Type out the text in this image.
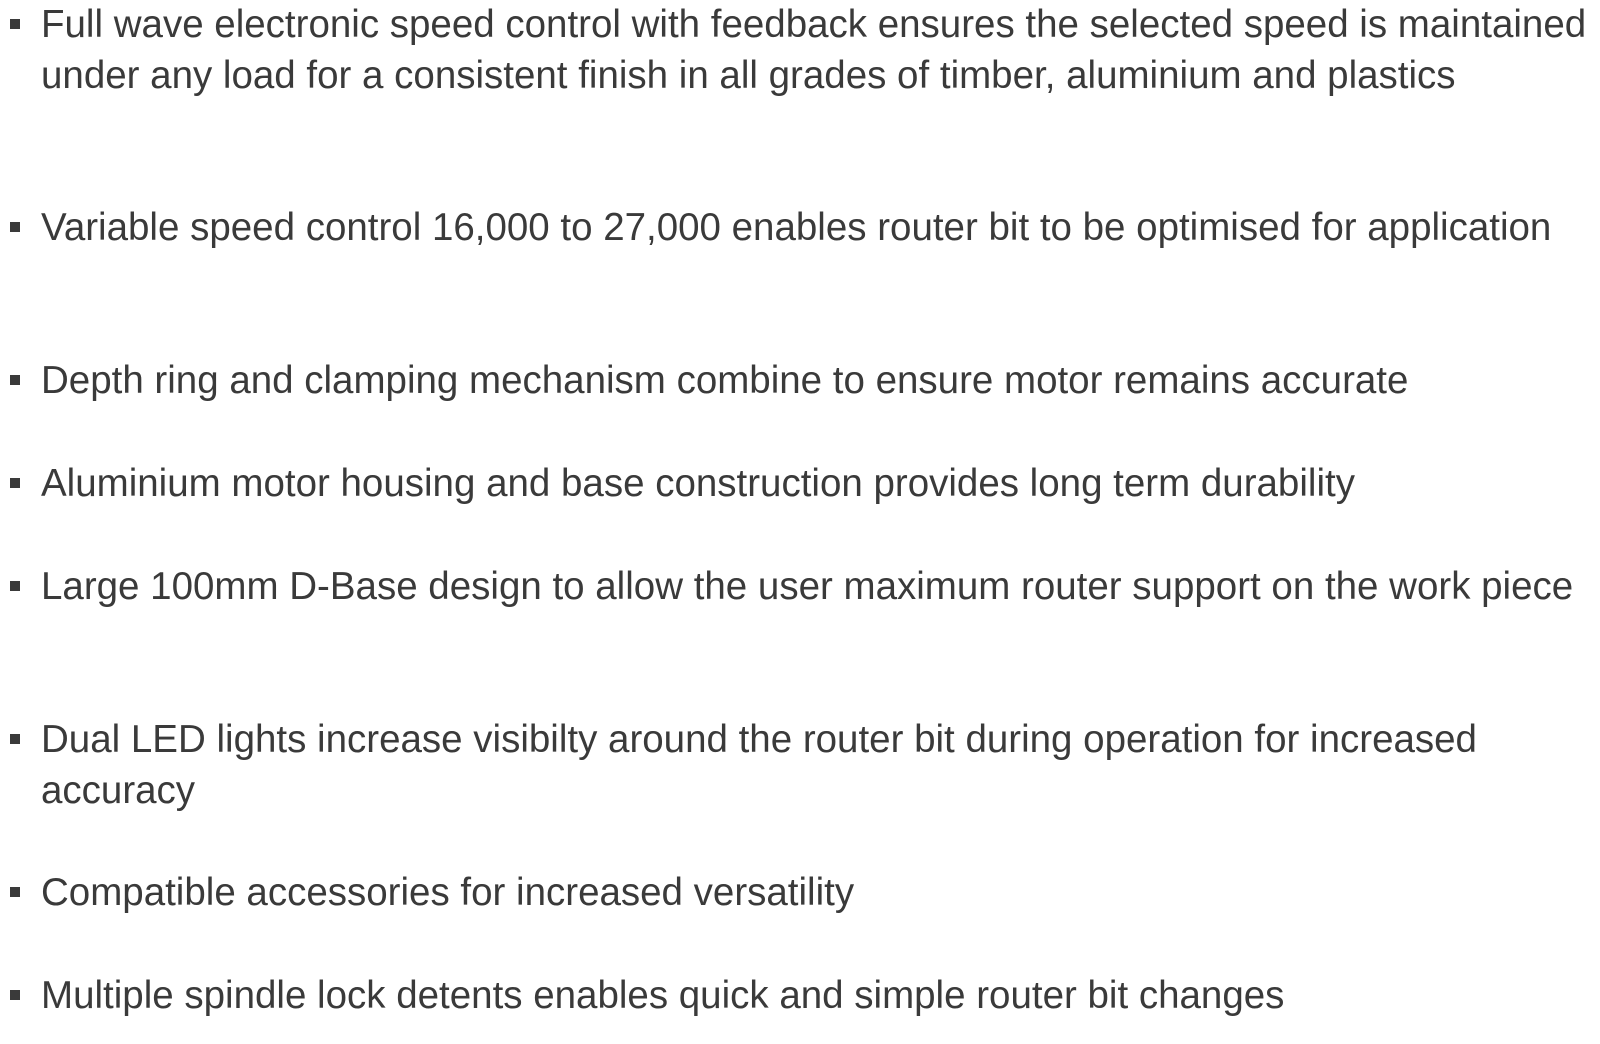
Full wave electronic speed control with feedback ensures the selected speed is maintained under any load for a consistent finish in all grades of timber, aluminium and plastics
Variable speed control 16,000 to 27,000 enables router bit to be optimised for application
Depth ring and clamping mechanism combine to ensure motor remains accurate
Aluminium motor housing and base construction provides long term durability
Large 100mm D-Base design to allow the user maximum router support on the work piece
Dual LED lights increase visibilty around the router bit during operation for increased accuracy
Compatible accessories for increased versatility
Multiple spindle lock detents enables quick and simple router bit changes
